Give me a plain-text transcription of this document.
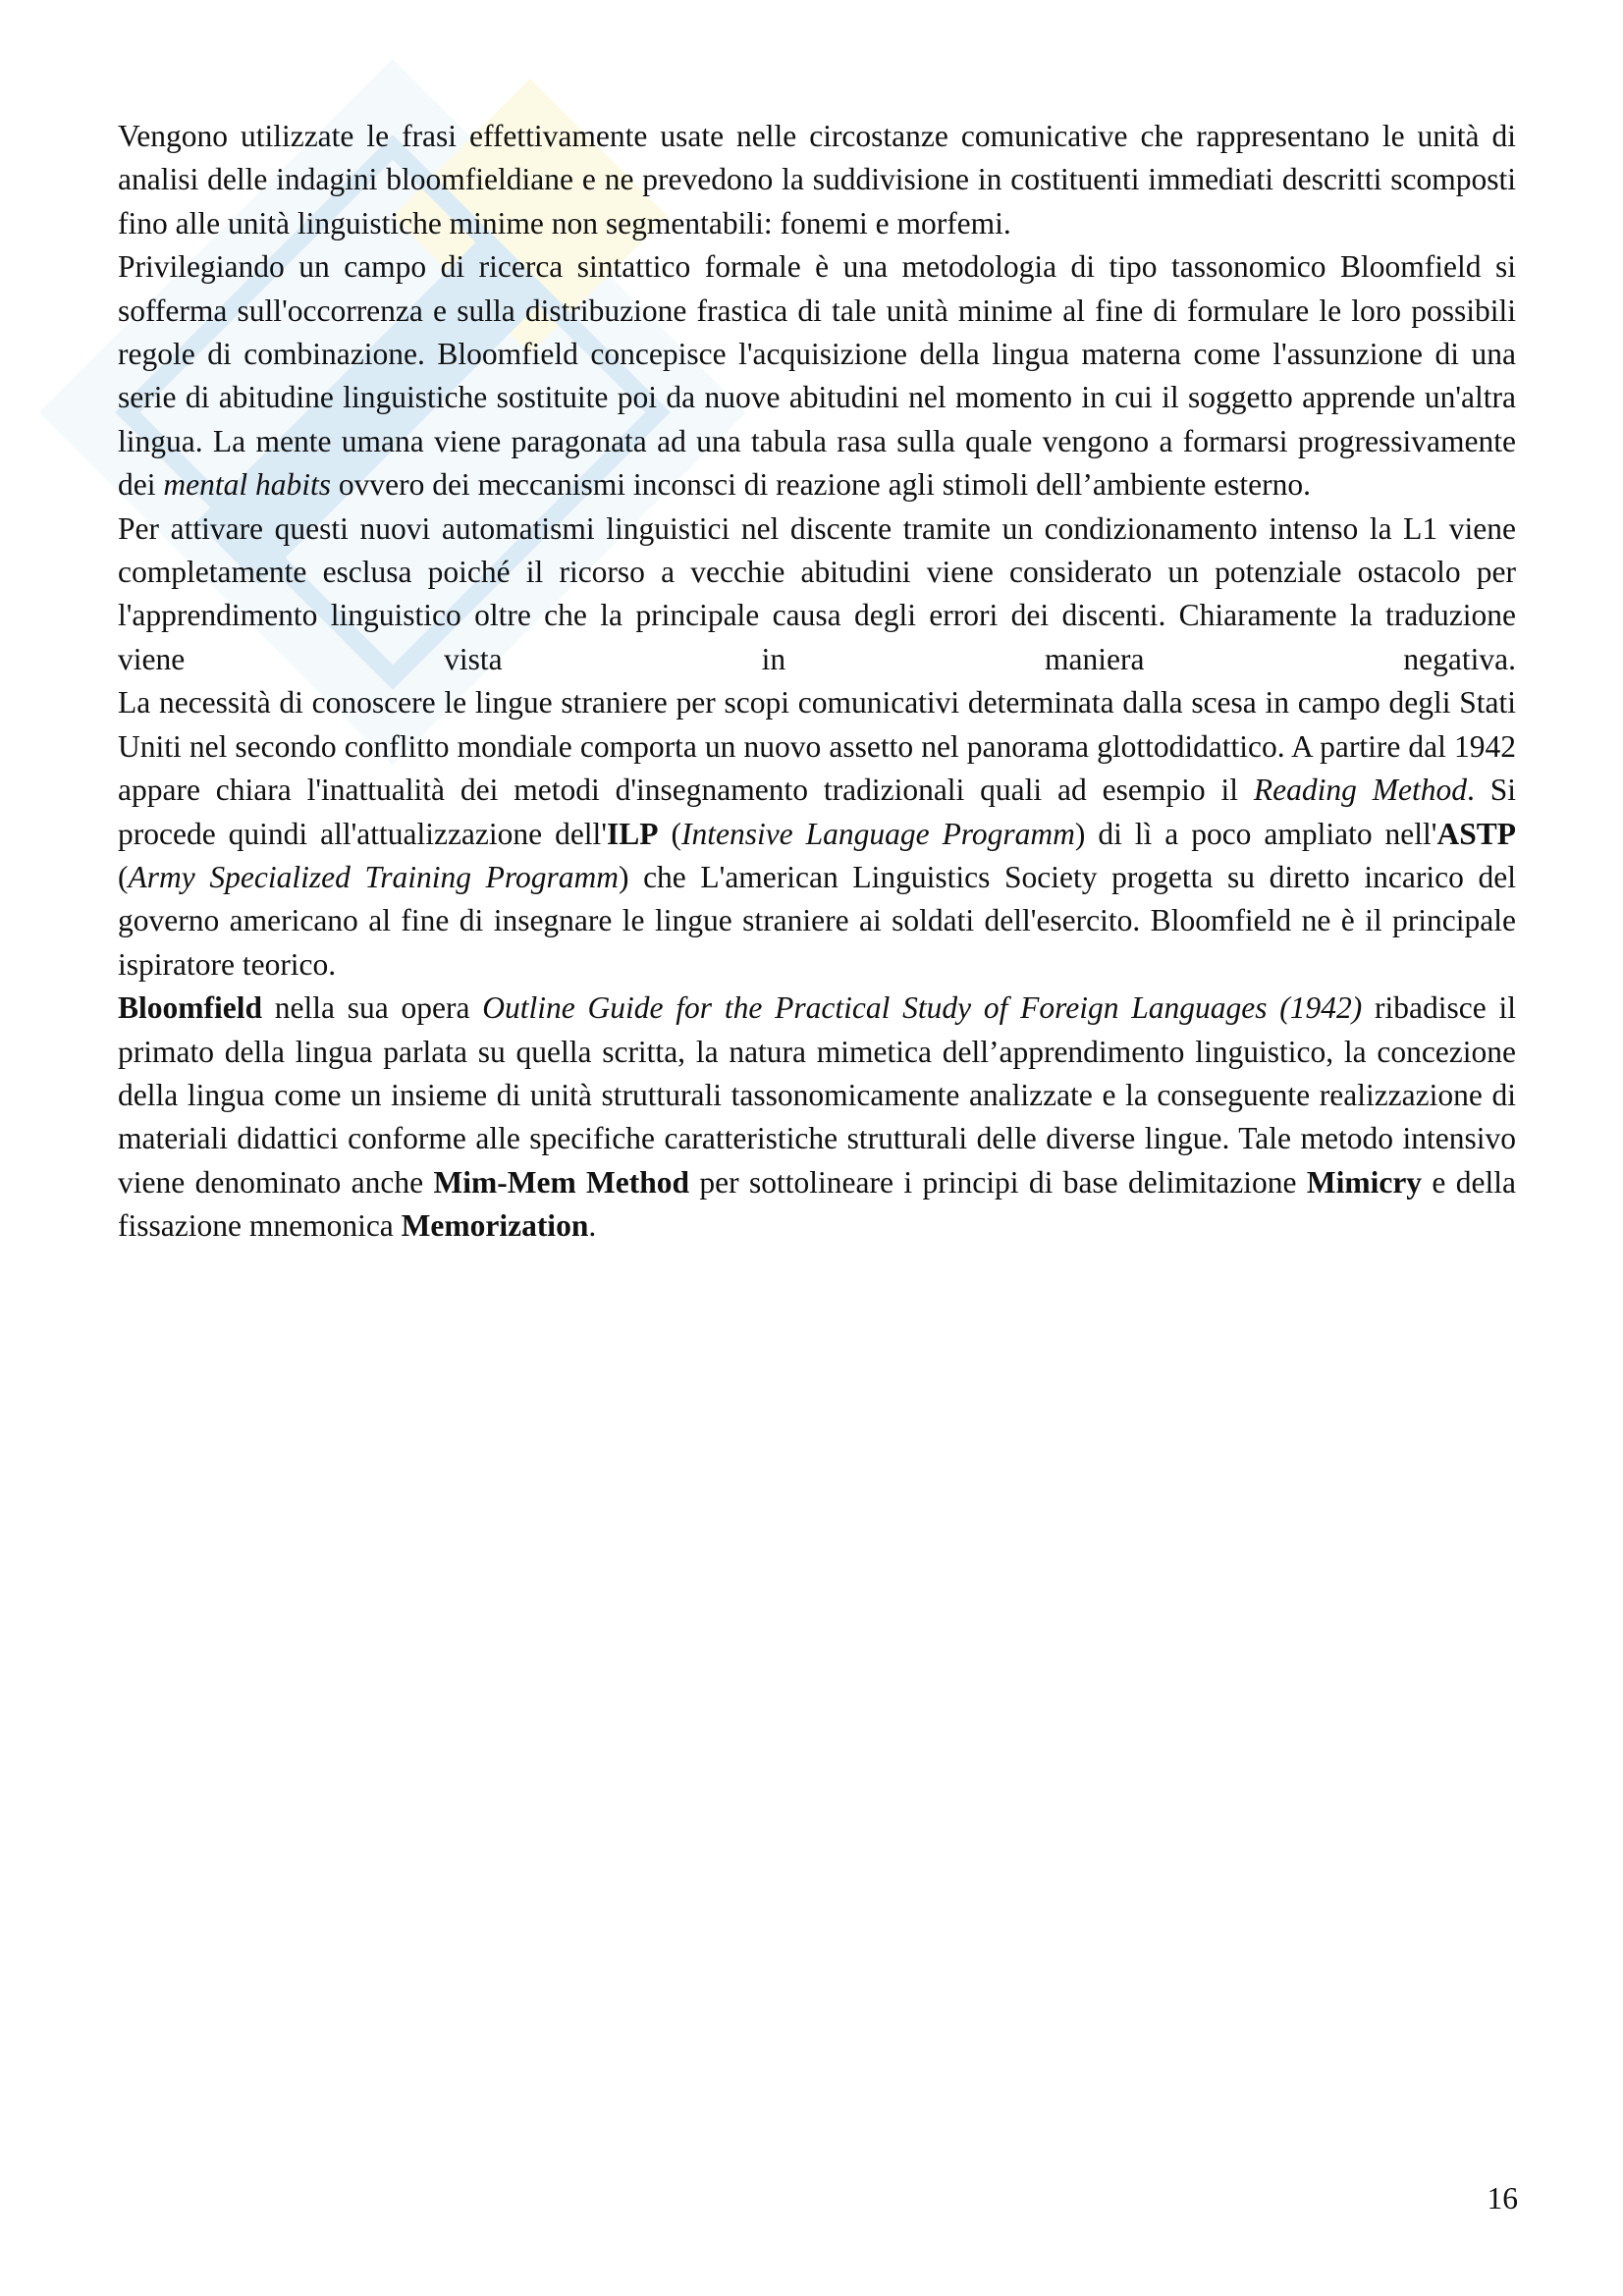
Vengono utilizzate le frasi effettivamente usate nelle circostanze comunicative che rappresentano le unità di analisi delle indagini bloomfieldiane e ne prevedono la suddivisione in costituenti immediati descritti scomposti fino alle unità linguistiche minime non segmentabili: fonemi e morfemi.

Privilegiando un campo di ricerca sintattico formale è una metodologia di tipo tassonomico Bloomfield si sofferma sull'occorrenza e sulla distribuzione frastica di tale unità minime al fine di formulare le loro possibili regole di combinazione. Bloomfield concepisce l'acquisizione della lingua materna come l'assunzione di una serie di abitudine linguistiche sostituite poi da nuove abitudini nel momento in cui il soggetto apprende un'altra lingua. La mente umana viene paragonata ad una tabula rasa sulla quale vengono a formarsi progressivamente dei mental habits ovvero dei meccanismi inconsci di reazione agli stimoli dell’ambiente esterno.

Per attivare questi nuovi automatismi linguistici nel discente tramite un condizionamento intenso la L1 viene completamente esclusa poiché il ricorso a vecchie abitudini viene considerato un potenziale ostacolo per l'apprendimento linguistico oltre che la principale causa degli errori dei discenti. Chiaramente la traduzione viene vista in maniera negativa.

La necessità di conoscere le lingue straniere per scopi comunicativi determinata dalla scesa in campo degli Stati Uniti nel secondo conflitto mondiale comporta un nuovo assetto nel panorama glottodidattico. A partire dal 1942 appare chiara l'inattualità dei metodi d'insegnamento tradizionali quali ad esempio il Reading Method. Si procede quindi all'attualizzazione dell'ILP (Intensive Language Programm) di lì a poco ampliato nell'ASTP (Army Specialized Training Programm) che L'american Linguistics Society progetta su diretto incarico del governo americano al fine di insegnare le lingue straniere ai soldati dell'esercito. Bloomfield ne è il principale ispiratore teorico.

Bloomfield nella sua opera Outline Guide for the Practical Study of Foreign Languages (1942) ribadisce il primato della lingua parlata su quella scritta, la natura mimetica dell’apprendimento linguistico, la concezione della lingua come un insieme di unità strutturali tassonomicamente analizzate e la conseguente realizzazione di materiali didattici conforme alle specifiche caratteristiche strutturali delle diverse lingue. Tale metodo intensivo viene denominato anche Mim-Mem Method per sottolineare i principi di base delimitazione Mimicry e della fissazione mnemonica Memorization.

16
